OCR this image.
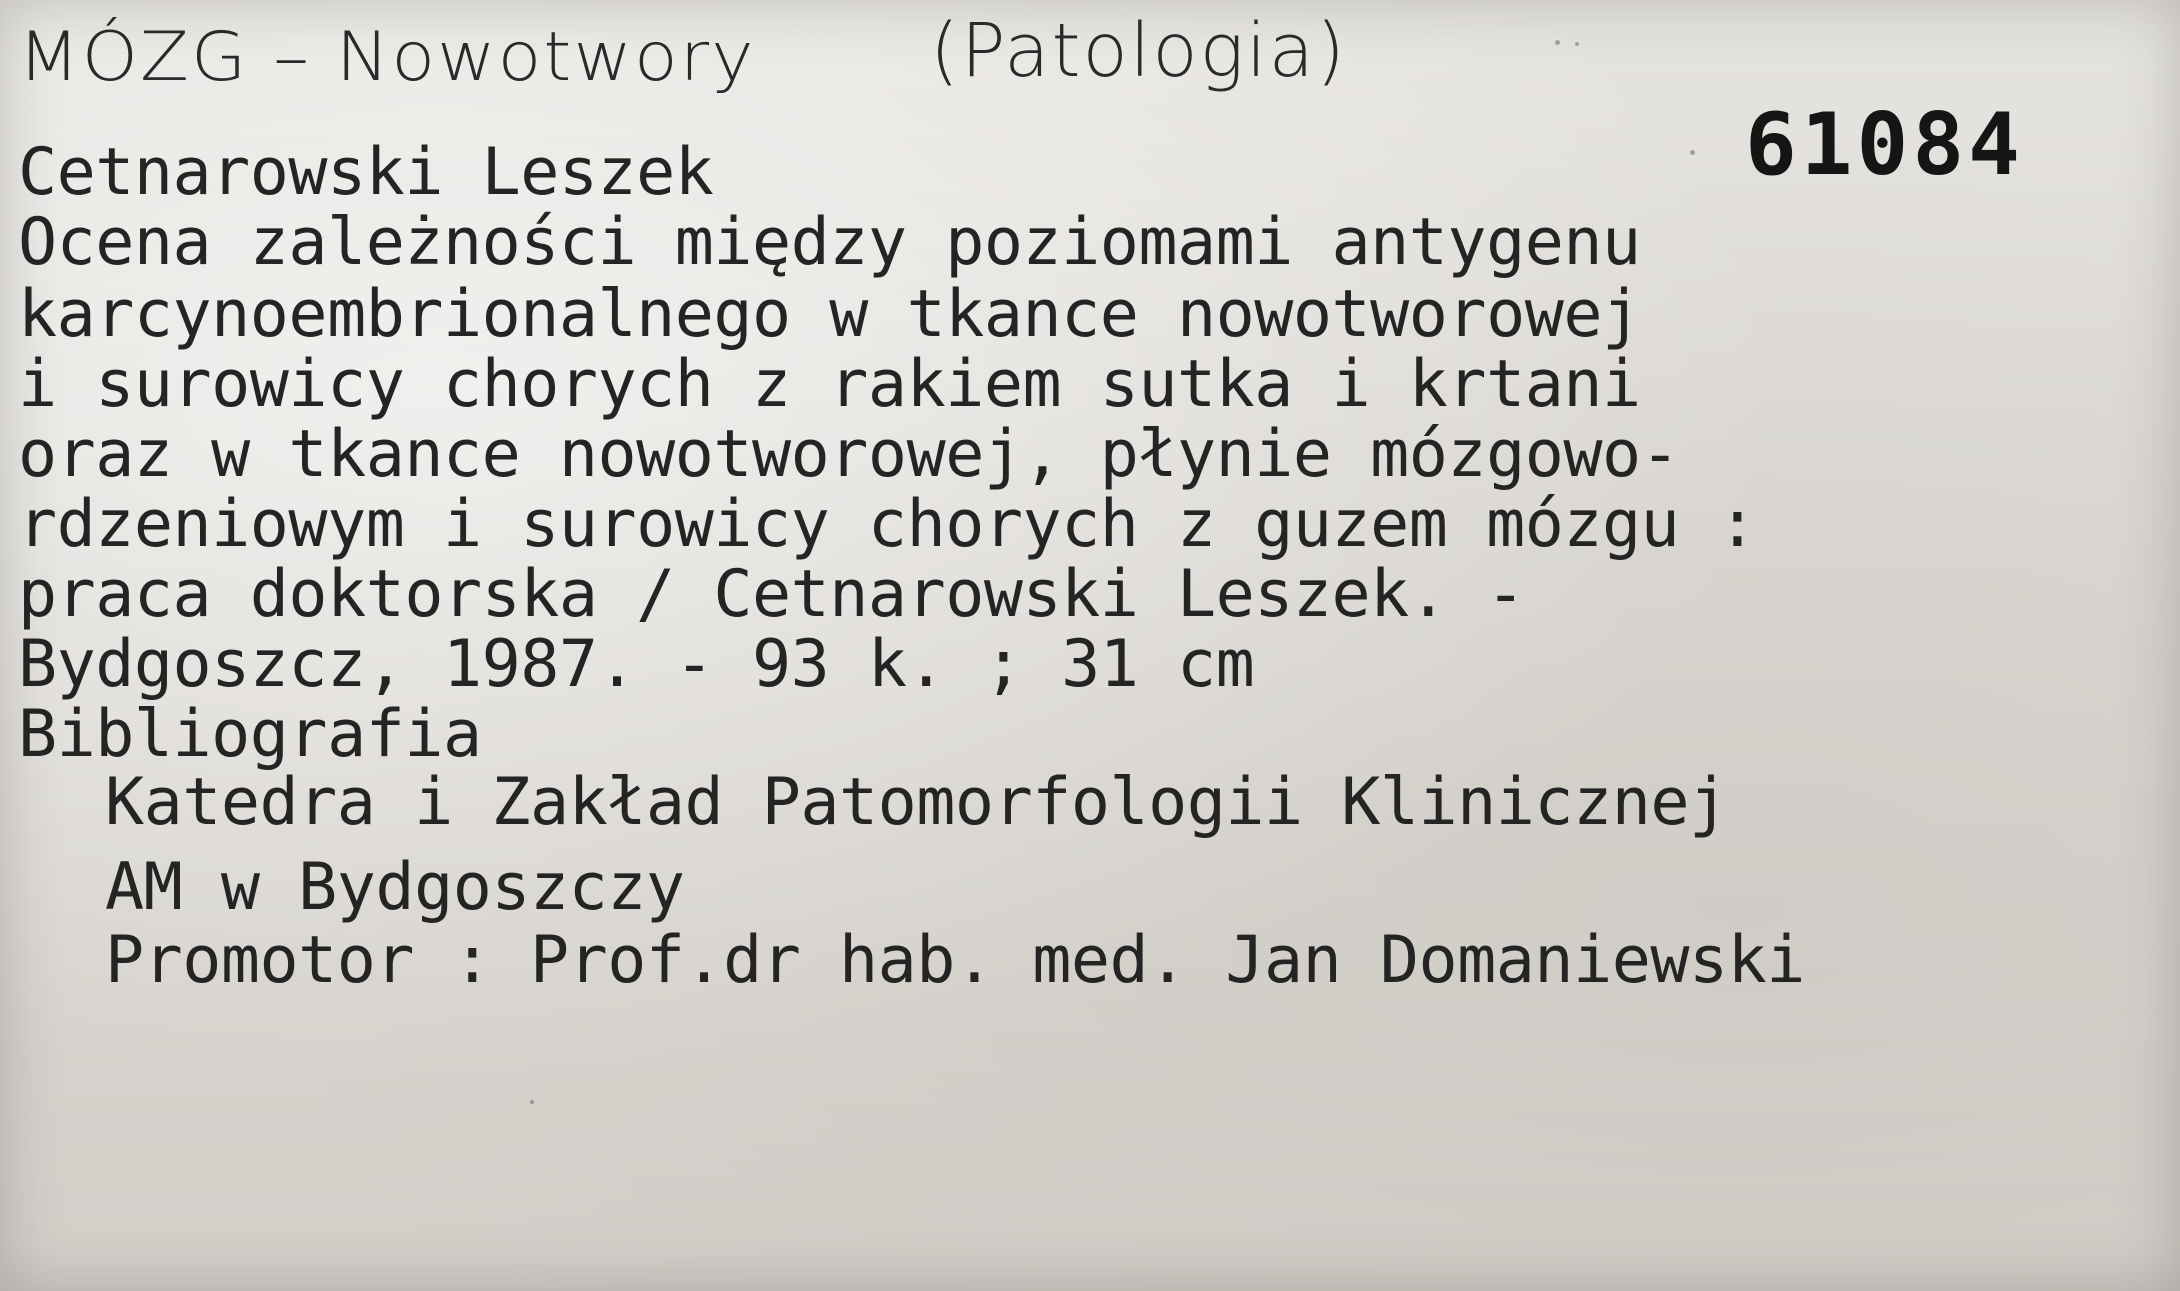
MÓZG – Nowotwory (Patologia)
61084
Cetnarowski Leszek
Ocena zależności między poziomami antygenu
karcynoembrionalnego w tkance nowotworowej
i surowicy chorych z rakiem sutka i krtani
oraz w tkance nowotworowej, płynie mózgowo-
rdzeniowym i surowicy chorych z guzem mózgu :
praca doktorska / Cetnarowski Leszek. -
Bydgoszcz, 1987. - 93 k. ; 31 cm
Bibliografia
Katedra i Zakład Patomorfologii Klinicznej
AM w Bydgoszczy
Promotor : Prof.dr hab. med. Jan Domaniewski
